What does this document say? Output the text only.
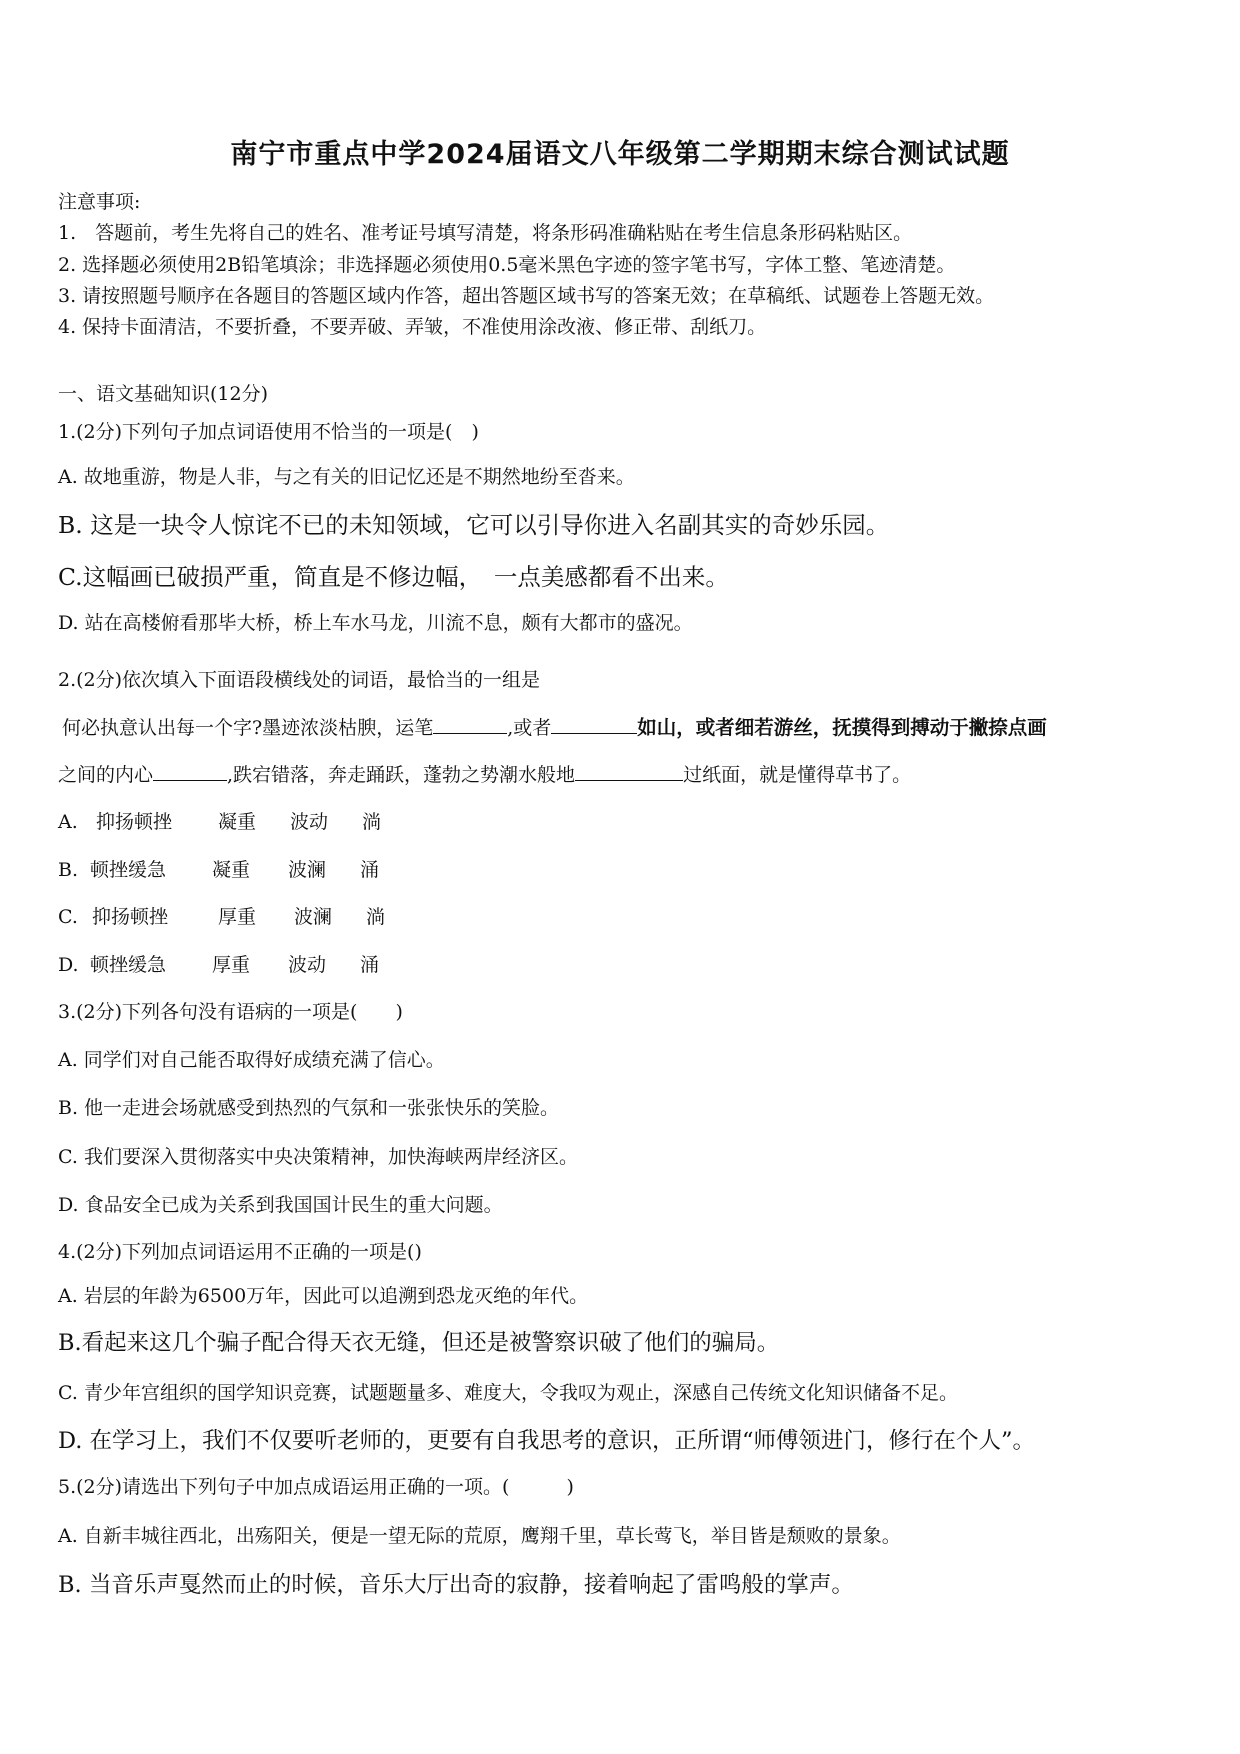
南宁市重点中学2024届语文八年级第二学期期末综合测试试题
注意事项:
1.　答题前，考生先将自己的姓名、准考证号填写清楚，将条形码准确粘贴在考生信息条形码粘贴区。
2. 选择题必须使用2B铅笔填涂；非选择题必须使用0.5毫米黑色字迹的签字笔书写，字体工整、笔迹清楚。
3. 请按照题号顺序在各题目的答题区域内作答，超出答题区域书写的答案无效；在草稿纸、试题卷上答题无效。
4. 保持卡面清洁，不要折叠，不要弄破、弄皱，不准使用涂改液、修正带、刮纸刀。
一、语文基础知识(12分)
1.(2分)下列句子加点词语使用不恰当的一项是(　)
A. 故地重游，物是人非，与之有关的旧记忆还是不期然地纷至沓来。
B. 这是一块令人惊诧不已的未知领域，它可以引导你进入名副其实的奇妙乐园。
C.这幅画已破损严重，简直是不修边幅，　一点美感都看不出来。
D. 站在高楼俯看那毕大桥，桥上车水马龙，川流不息，颇有大都市的盛况。
2.(2分)依次填入下面语段横线处的词语，最恰当的一组是
何必执意认出每一个字?墨迹浓淡枯腴，运笔	,或者	如山，或者细若游丝，抚摸得到搏动于撇捺点画
之间的内心	,跌宕错落，奔走踊跃，蓬勃之势潮水般地	过纸面，就是懂得草书了。
A. 抑扬顿挫 凝重 波动 淌
B. 顿挫缓急 凝重 波澜 涌
C. 抑扬顿挫	厚重 波澜 淌
D. 顿挫缓急 厚重 波动 涌
3.(2分)下列各句没有语病的一项是(　　)
A. 同学们对自己能否取得好成绩充满了信心。
B. 他一走进会场就感受到热烈的气氛和一张张快乐的笑脸。
C. 我们要深入贯彻落实中央决策精神，加快海峡两岸经济区。
D. 食品安全已成为关系到我国国计民生的重大问题。
4.(2分)下列加点词语运用不正确的一项是()
A. 岩层的年龄为6500万年，因此可以追溯到恐龙灭绝的年代。
B.看起来这几个骗子配合得天衣无缝，但还是被警察识破了他们的骗局。
C. 青少年宫组织的国学知识竞赛，试题题量多、难度大，令我叹为观止，深感自己传统文化知识储备不足。
D. 在学习上，我们不仅要听老师的，更要有自我思考的意识，正所谓“师傅领进门，修行在个人”。
5.(2分)请选出下列句子中加点成语运用正确的一项。(　　　)
A. 自新丰城往西北，出殇阳关，便是一望无际的荒原，鹰翔千里，草长莺飞，举目皆是颓败的景象。
B. 当音乐声戛然而止的时候，音乐大厅出奇的寂静，接着响起了雷鸣般的掌声。
